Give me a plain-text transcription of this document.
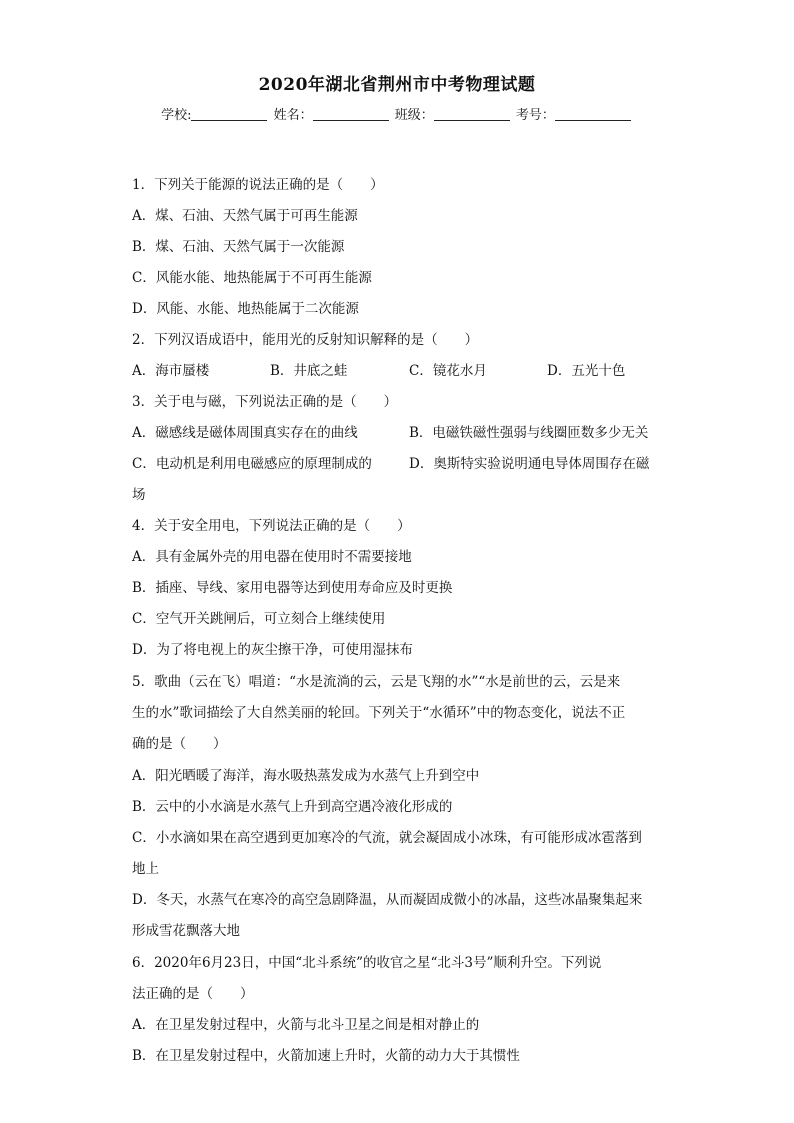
2020年湖北省荆州市中考物理试题
学校:	姓名：	班级：	考号：
1．下列关于能源的说法正确的是（　　）
A．煤、石油、天然气属于可再生能源
B．煤、石油、天然气属于一次能源
C．风能水能、地热能属于不可再生能源
D．风能、水能、地热能属于二次能源
2．下列汉语成语中，能用光的反射知识解释的是（　　）
A．海市蜃楼	B．井底之蛙	C．镜花水月	D．五光十色
3．关于电与磁，下列说法正确的是（　　）
A．磁感线是磁体周围真实存在的曲线	B．电磁铁磁性强弱与线圈匝数多少无关
C．电动机是利用电磁感应的原理制成的	D．奥斯特实验说明通电导体周围存在磁
场
4．关于安全用电，下列说法正确的是（　　）
A．具有金属外壳的用电器在使用时不需要接地
B．插座、导线、家用电器等达到使用寿命应及时更换
C．空气开关跳闸后，可立刻合上继续使用
D．为了将电视上的灰尘擦干净，可使用湿抹布
5．歌曲（云在飞）唱道：“水是流淌的云，云是飞翔的水”“水是前世的云，云是来
生的水”歌词描绘了大自然美丽的轮回。下列关于“水循环”中的物态变化，说法不正
确的是（　　）
A．阳光晒暖了海洋，海水吸热蒸发成为水蒸气上升到空中
B．云中的小水滴是水蒸气上升到高空遇冷液化形成的
C．小水滴如果在高空遇到更加寒冷的气流，就会凝固成小冰珠，有可能形成冰雹落到
地上
D．冬天，水蒸气在寒冷的高空急剧降温，从而凝固成微小的冰晶，这些冰晶聚集起来
形成雪花飘落大地
6．2020年6月23日，中国“北斗系统”的收官之星“北斗3号”顺利升空。下列说
法正确的是（　　）
A．在卫星发射过程中，火箭与北斗卫星之间是相对静止的
B．在卫星发射过程中，火箭加速上升时，火箭的动力大于其惯性
